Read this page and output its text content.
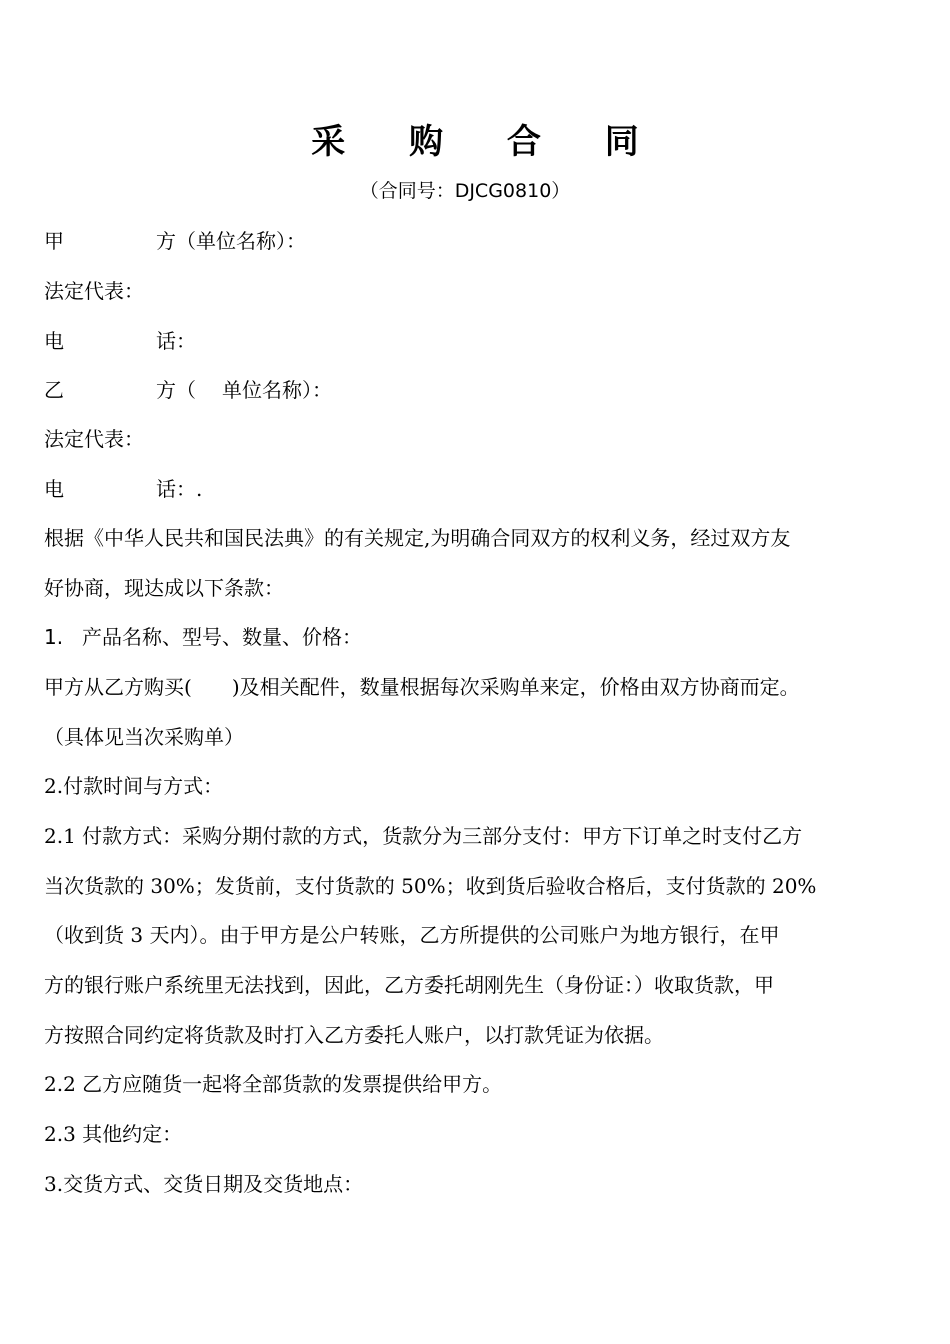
采 购 合 同
（合同号：DJCG0810）
甲	方（单位名称）：
法定代表：
电	话：
乙	方（ 单位名称）：
法定代表：
电	话：.
根据《中华人民共和国民法典》的有关规定,为明确合同双方的权利义务，经过双方友
好协商，现达成以下条款：
1. 产品名称、型号、数量、价格：
甲方从乙方购买( )及相关配件，数量根据每次采购单来定，价格由双方协商而定。
（具体见当次采购单）
2.付款时间与方式：
2.1 付款方式：采购分期付款的方式，货款分为三部分支付：甲方下订单之时支付乙方
当次货款的 30%；发货前，支付货款的 50%；收到货后验收合格后，支付货款的 20%
（收到货 3 天内）。由于甲方是公户转账，乙方所提供的公司账户为地方银行，在甲
方的银行账户系统里无法找到，因此，乙方委托胡刚先生（身份证：）收取货款，甲
方按照合同约定将货款及时打入乙方委托人账户，以打款凭证为依据。
2.2 乙方应随货一起将全部货款的发票提供给甲方。
2.3 其他约定：
3.交货方式、交货日期及交货地点：
